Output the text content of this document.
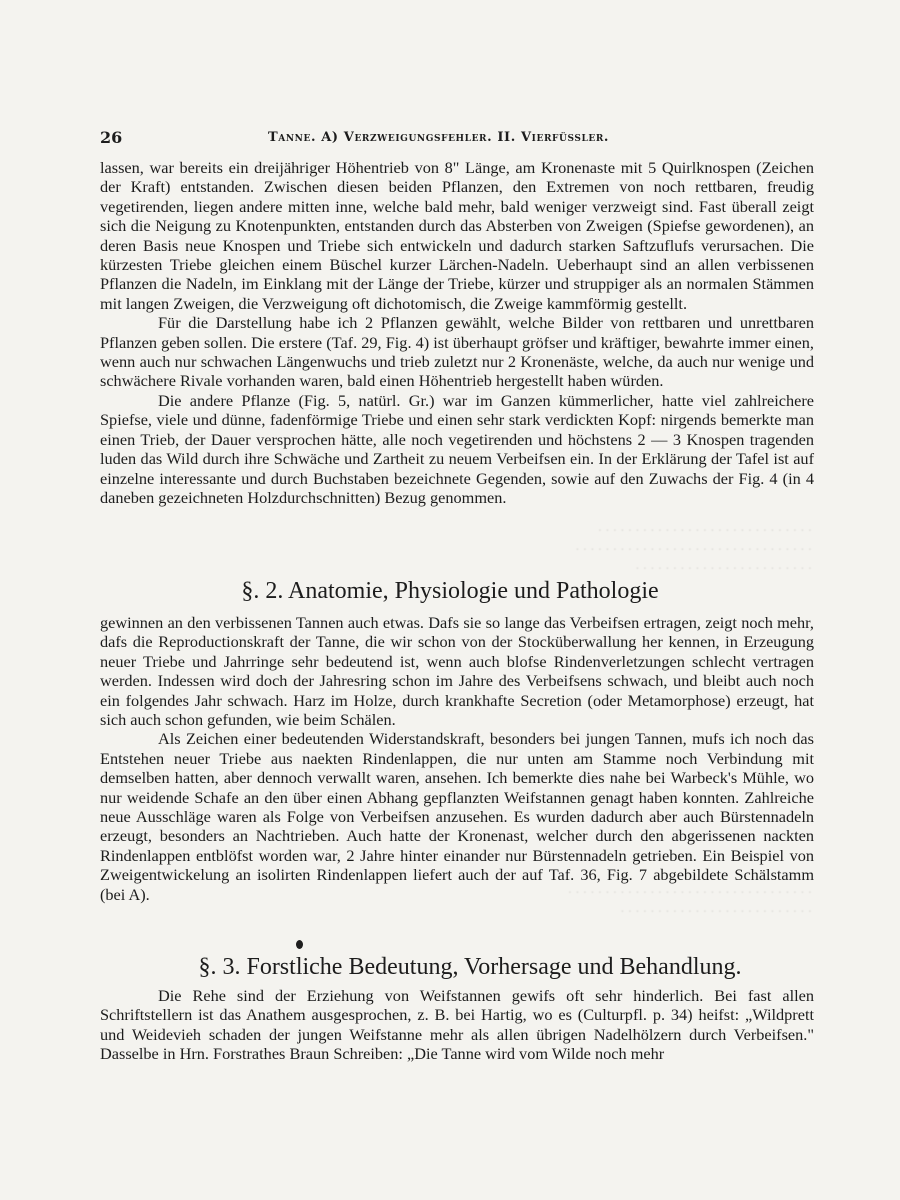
26	Tanne. A) Verzweigungsfehler. II. Vierfüssler.
· · · · · · · · · · · · · · · · · · · · · · · · · · · · ·
· · · · · · · · · · · · · · · · · · · · · · · · · · · · · · · ·
· · · · · · · · · · · · · · · · · · · · · · · ·
· · · · · · · · · · · · · · · · · · · · · · · · · · · · · · · · ·
· · · · · · · · · · · · · · · · · · · · · · · · · ·

lassen, war bereits ein dreijähriger Höhentrieb von 8" Länge, am Kronenaste mit 5 Quirlknospen (Zeichen der Kraft) entstanden. Zwischen diesen beiden Pflanzen, den Extremen von noch rettbaren, freudig vegetirenden, liegen andere mitten inne, welche bald mehr, bald weniger verzweigt sind. Fast überall zeigt sich die Neigung zu Knotenpunkten, entstanden durch das Absterben von Zweigen (Spiefse gewordenen), an deren Basis neue Knospen und Triebe sich entwickeln und dadurch starken Saftzuflufs verursachen. Die kürzesten Triebe gleichen einem Büschel kurzer Lärchen-Nadeln. Ueberhaupt sind an allen verbissenen Pflanzen die Nadeln, im Einklang mit der Länge der Triebe, kürzer und struppiger als an normalen Stämmen mit langen Zweigen, die Verzweigung oft dichotomisch, die Zweige kammförmig gestellt.

Für die Darstellung habe ich 2 Pflanzen gewählt, welche Bilder von rettbaren und unrettbaren Pflanzen geben sollen. Die erstere (Taf. 29, Fig. 4) ist überhaupt gröfser und kräftiger, bewahrte immer einen, wenn auch nur schwachen Längenwuchs und trieb zuletzt nur 2 Kronenäste, welche, da auch nur wenige und schwächere Rivale vorhanden waren, bald einen Höhentrieb hergestellt haben würden.

Die andere Pflanze (Fig. 5, natürl. Gr.) war im Ganzen kümmerlicher, hatte viel zahlreichere Spiefse, viele und dünne, fadenförmige Triebe und einen sehr stark verdickten Kopf: nirgends bemerkte man einen Trieb, der Dauer versprochen hätte, alle noch vegetirenden und höchstens 2 — 3 Knospen tragenden luden das Wild durch ihre Schwäche und Zartheit zu neuem Verbeifsen ein. In der Erklärung der Tafel ist auf einzelne interessante und durch Buchstaben bezeichnete Gegenden, sowie auf den Zuwachs der Fig. 4 (in 4 daneben gezeichneten Holzdurchschnitten) Bezug genommen.

§. 2. Anatomie, Physiologie und Pathologie

gewinnen an den verbissenen Tannen auch etwas. Dafs sie so lange das Verbeifsen ertragen, zeigt noch mehr, dafs die Reproductionskraft der Tanne, die wir schon von der Stocküberwallung her kennen, in Erzeugung neuer Triebe und Jahrringe sehr bedeutend ist, wenn auch blofse Rindenverletzungen schlecht vertragen werden. Indessen wird doch der Jahresring schon im Jahre des Verbeifsens schwach, und bleibt auch noch ein folgendes Jahr schwach. Harz im Holze, durch krankhafte Secretion (oder Metamorphose) erzeugt, hat sich auch schon gefunden, wie beim Schälen.

Als Zeichen einer bedeutenden Widerstandskraft, besonders bei jungen Tannen, mufs ich noch das Entstehen neuer Triebe aus naekten Rindenlappen, die nur unten am Stamme noch Verbindung mit demselben hatten, aber dennoch verwallt waren, ansehen. Ich bemerkte dies nahe bei Warbeck's Mühle, wo nur weidende Schafe an den über einen Abhang gepflanzten Weifstannen genagt haben konnten. Zahlreiche neue Ausschläge waren als Folge von Verbeifsen anzusehen. Es wurden dadurch aber auch Bürstennadeln erzeugt, besonders an Nachtrieben. Auch hatte der Kronenast, welcher durch den abgerissenen nackten Rindenlappen entblöfst worden war, 2 Jahre hinter einander nur Bürstennadeln getrieben. Ein Beispiel von Zweigentwickelung an isolirten Rindenlappen liefert auch der auf Taf. 36, Fig. 7 abgebildete Schälstamm (bei A).

§. 3. Forstliche Bedeutung, Vorhersage und Behandlung.

Die Rehe sind der Erziehung von Weifstannen gewifs oft sehr hinderlich. Bei fast allen Schriftstellern ist das Anathem ausgesprochen, z. B. bei Hartig, wo es (Culturpfl. p. 34) heifst: „Wildprett und Weidevieh schaden der jungen Weifstanne mehr als allen übrigen Nadelhölzern durch Verbeifsen." Dasselbe in Hrn. Forstrathes Braun Schreiben: „Die Tanne wird vom Wilde noch mehr
